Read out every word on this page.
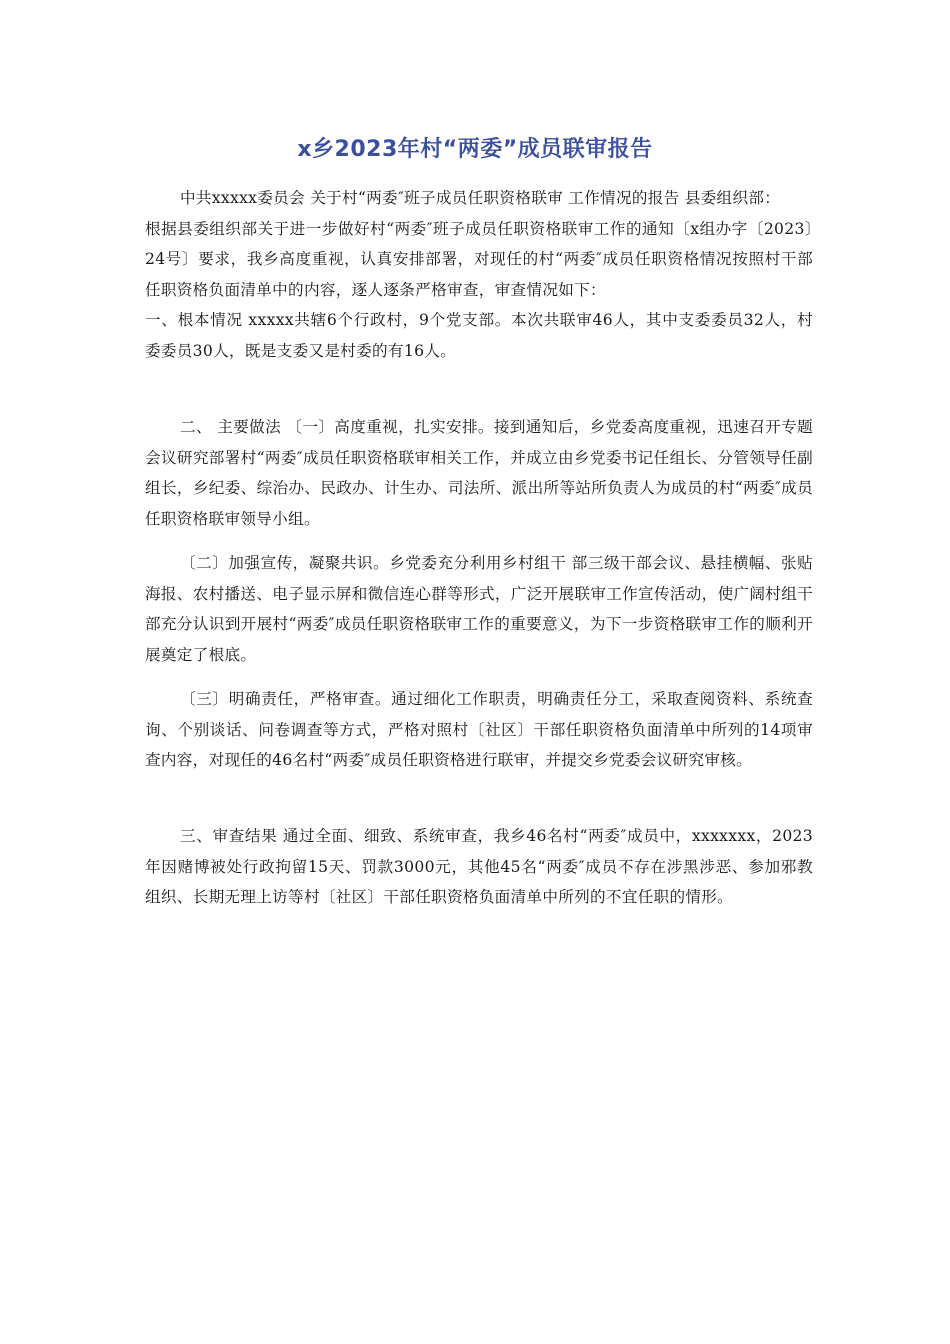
x乡2023年村“两委”成员联审报告

中共xxxxx委员会 关于村“两委″班子成员任职资格联审 工作情况的报告 县委组织部：

根据县委组织部关于进一步做好村“两委″班子成员任职资格联审工作的通知〔x组办字〔2023〕24号〕要求，我乡高度重视，认真安排部署，对现任的村“两委″成员任职资格情况按照村干部任职资格负面清单中的内容，逐人逐条严格审查，审查情况如下：

一、根本情况 xxxxx共辖6个行政村，9个党支部。本次共联审46人，其中支委委员32人，村委委员30人，既是支委又是村委的有16人。

二、 主要做法 〔一〕高度重视，扎实安排。接到通知后，乡党委高度重视，迅速召开专题会议研究部署村“两委″成员任职资格联审相关工作，并成立由乡党委书记任组长、分管领导任副组长，乡纪委、综治办、民政办、计生办、司法所、派出所等站所负责人为成员的村“两委″成员任职资格联审领导小组。

〔二〕加强宣传，凝聚共识。乡党委充分利用乡村组干 部三级干部会议、悬挂横幅、张贴海报、农村播送、电子显示屏和微信连心群等形式，广泛开展联审工作宣传活动，使广阔村组干部充分认识到开展村“两委″成员任职资格联审工作的重要意义，为下一步资格联审工作的顺利开展奠定了根底。

〔三〕明确责任，严格审查。通过细化工作职责，明确责任分工，采取查阅资料、系统查询、个别谈话、问卷调查等方式，严格对照村〔社区〕干部任职资格负面清单中所列的14项审查内容，对现任的46名村“两委″成员任职资格进行联审，并提交乡党委会议研究审核。

三、审查结果 通过全面、细致、系统审查，我乡46名村“两委″成员中，xxxxxxx，2023年因赌博被处行政拘留15天、罚款3000元，其他45名“两委″成员不存在涉黑涉恶、参加邪教组织、长期无理上访等村〔社区〕干部任职资格负面清单中所列的不宜任职的情形。
